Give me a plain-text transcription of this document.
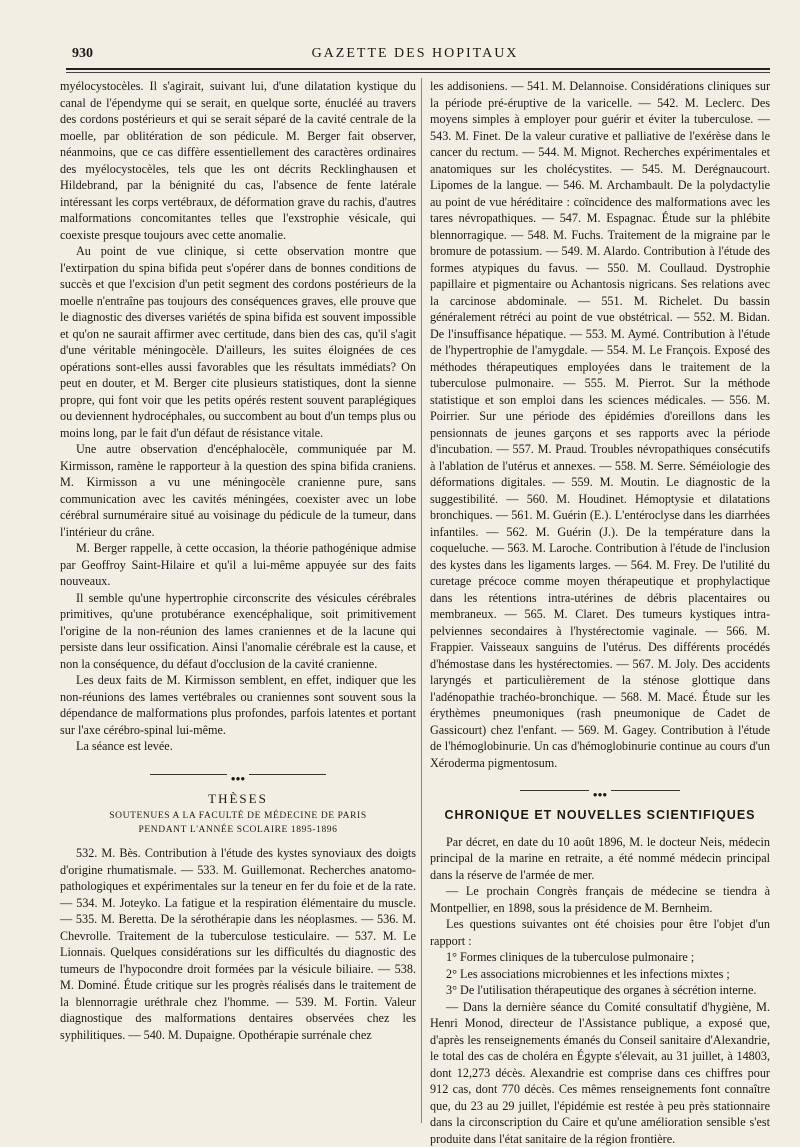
930	GAZETTE DES HOPITAUX

myélocystocèles. Il s'agirait, suivant lui, d'une dilatation kystique du canal de l'épendyme qui se serait, en quelque sorte, énucléé au travers des cordons postérieurs et qui se serait séparé de la cavité centrale de la moelle, par oblitération de son pédicule. M. Berger fait observer, néanmoins, que ce cas diffère essentiellement des caractères ordinaires des myélocystocèles, tels que les ont décrits Recklinghausen et Hildebrand, par la bénignité du cas, l'absence de fente latérale intéressant les corps vertébraux, de déformation grave du rachis, d'autres malformations concomitantes telles que l'exstrophie vésicale, qui coexiste presque toujours avec cette anomalie.

Au point de vue clinique, si cette observation montre que l'extirpation du spina bifida peut s'opérer dans de bonnes conditions de succès et que l'excision d'un petit segment des cordons postérieurs de la moelle n'entraîne pas toujours des conséquences graves, elle prouve que le diagnostic des diverses variétés de spina bifida est souvent impossible et qu'on ne saurait affirmer avec certitude, dans bien des cas, qu'il s'agit d'une véritable méningocèle. D'ailleurs, les suites éloignées de ces opérations sont-elles aussi favorables que les résultats immédiats? On peut en douter, et M. Berger cite plusieurs statistiques, dont la sienne propre, qui font voir que les petits opérés restent souvent paraplégiques ou deviennent hydrocéphales, ou succombent au bout d'un temps plus ou moins long, par le fait d'un défaut de résistance vitale.

Une autre observation d'encéphalocèle, communiquée par M. Kirmisson, ramène le rapporteur à la question des spina bifida craniens. M. Kirmisson a vu une méningocèle cranienne pure, sans communication avec les cavités méningées, coexister avec un lobe cérébral surnuméraire situé au voisinage du pédicule de la tumeur, dans l'intérieur du crâne.

M. Berger rappelle, à cette occasion, la théorie pathogénique admise par Geoffroy Saint-Hilaire et qu'il a lui-même appuyée sur des faits nouveaux.

Il semble qu'une hypertrophie circonscrite des vésicules cérébrales primitives, qu'une protubérance exencéphalique, soit primitivement l'origine de la non-réunion des lames craniennes et de la lacune qui persiste dans leur ossification. Ainsi l'anomalie cérébrale est la cause, et non la conséquence, du défaut d'occlusion de la cavité cranienne.

Les deux faits de M. Kirmisson semblent, en effet, indiquer que les non-réunions des lames vertébrales ou craniennes sont souvent sous la dépendance de malformations plus profondes, parfois latentes et portant sur l'axe cérébro-spinal lui-même.

La séance est levée.

●●●
THÈSES
SOUTENUES A LA FACULTÉ DE MÉDECINE DE PARIS
PENDANT L'ANNÉE SCOLAIRE 1895-1896

532. M. Bès. Contribution à l'étude des kystes synoviaux des doigts d'origine rhumatismale. — 533. M. Guillemonat. Recherches anatomo-pathologiques et expérimentales sur la teneur en fer du foie et de la rate. — 534. M. Joteyko. La fatigue et la respiration élémentaire du muscle. — 535. M. Beretta. De la sérothérapie dans les néoplasmes. — 536. M. Chevrolle. Traitement de la tuberculose testiculaire. — 537. M. Le Lionnais. Quelques considérations sur les difficultés du diagnostic des tumeurs de l'hypocondre droit formées par la vésicule biliaire. — 538. M. Dominé. Étude critique sur les progrès réalisés dans le traitement de la blennorragie uréthrale chez l'homme. — 539. M. Fortin. Valeur diagnostique des malformations dentaires observées chez les syphilitiques. — 540. M. Dupaigne. Opothérapie surrénale chez

les addisoniens. — 541. M. Delannoise. Considérations cliniques sur la période pré-éruptive de la varicelle. — 542. M. Leclerc. Des moyens simples à employer pour guérir et éviter la tuberculose. — 543. M. Finet. De la valeur curative et palliative de l'exérèse dans le cancer du rectum. — 544. M. Mignot. Recherches expérimentales et anatomiques sur les cholécystites. — 545. M. Derégnaucourt. Lipomes de la langue. — 546. M. Archambault. De la polydactylie au point de vue héréditaire : coïncidence des malformations avec les tares névropathiques. — 547. M. Espagnac. Étude sur la phlébite blennorragique. — 548. M. Fuchs. Traitement de la migraine par le bromure de potassium. — 549. M. Alardo. Contribution à l'étude des formes atypiques du favus. — 550. M. Coullaud. Dystrophie papillaire et pigmentaire ou Achantosis nigricans. Ses relations avec la carcinose abdominale. — 551. M. Richelet. Du bassin généralement rétréci au point de vue obstétrical. — 552. M. Bidan. De l'insuffisance hépatique. — 553. M. Aymé. Contribution à l'étude de l'hypertrophie de l'amygdale. — 554. M. Le François. Exposé des méthodes thérapeutiques employées dans le traitement de la tuberculose pulmonaire. — 555. M. Pierrot. Sur la méthode statistique et son emploi dans les sciences médicales. — 556. M. Poirrier. Sur une période des épidémies d'oreillons dans les pensionnats de jeunes garçons et ses rapports avec la période d'incubation. — 557. M. Praud. Troubles névropathiques consécutifs à l'ablation de l'utérus et annexes. — 558. M. Serre. Séméiologie des déformations digitales. — 559. M. Moutin. Le diagnostic de la suggestibilité. — 560. M. Houdinet. Hémoptysie et dilatations bronchiques. — 561. M. Guérin (E.). L'entéroclyse dans les diarrhées infantiles. — 562. M. Guérin (J.). De la température dans la coqueluche. — 563. M. Laroche. Contribution à l'étude de l'inclusion des kystes dans les ligaments larges. — 564. M. Frey. De l'utilité du curetage précoce comme moyen thérapeutique et prophylactique dans les rétentions intra-utérines de débris placentaires ou membraneux. — 565. M. Claret. Des tumeurs kystiques intra-pelviennes secondaires à l'hystérectomie vaginale. — 566. M. Frappier. Vaisseaux sanguins de l'utérus. Des différents procédés d'hémostase dans les hystérectomies. — 567. M. Joly. Des accidents laryngés et particulièrement de la sténose glottique dans l'adénopathie trachéo-bronchique. — 568. M. Macé. Étude sur les érythèmes pneumoniques (rash pneumonique de Cadet de Gassicourt) chez l'enfant. — 569. M. Gagey. Contribution à l'étude de l'hémoglobinurie. Un cas d'hémoglobinurie continue au cours d'un Xéroderma pigmentosum.

●●●
CHRONIQUE ET NOUVELLES SCIENTIFIQUES

Par décret, en date du 10 août 1896, M. le docteur Neis, médecin principal de la marine en retraite, a été nommé médecin principal dans la réserve de l'armée de mer.

— Le prochain Congrès français de médecine se tiendra à Montpellier, en 1898, sous la présidence de M. Bernheim.

Les questions suivantes ont été choisies pour être l'objet d'un rapport :

1° Formes cliniques de la tuberculose pulmonaire ;

2° Les associations microbiennes et les infections mixtes ;

3° De l'utilisation thérapeutique des organes à sécrétion interne.

— Dans la dernière séance du Comité consultatif d'hygiène, M. Henri Monod, directeur de l'Assistance publique, a exposé que, d'après les renseignements émanés du Conseil sanitaire d'Alexandrie, le total des cas de choléra en Égypte s'élevait, au 31 juillet, à 14803, dont 12,273 décès. Alexandrie est comprise dans ces chiffres pour 912 cas, dont 770 décès. Ces mêmes renseignements font connaître que, du 23 au 29 juillet, l'épidémie est restée à peu près stationnaire dans la circonscription du Caire et qu'une amélioration sensible s'est produite dans l'état sanitaire de la région frontière.
